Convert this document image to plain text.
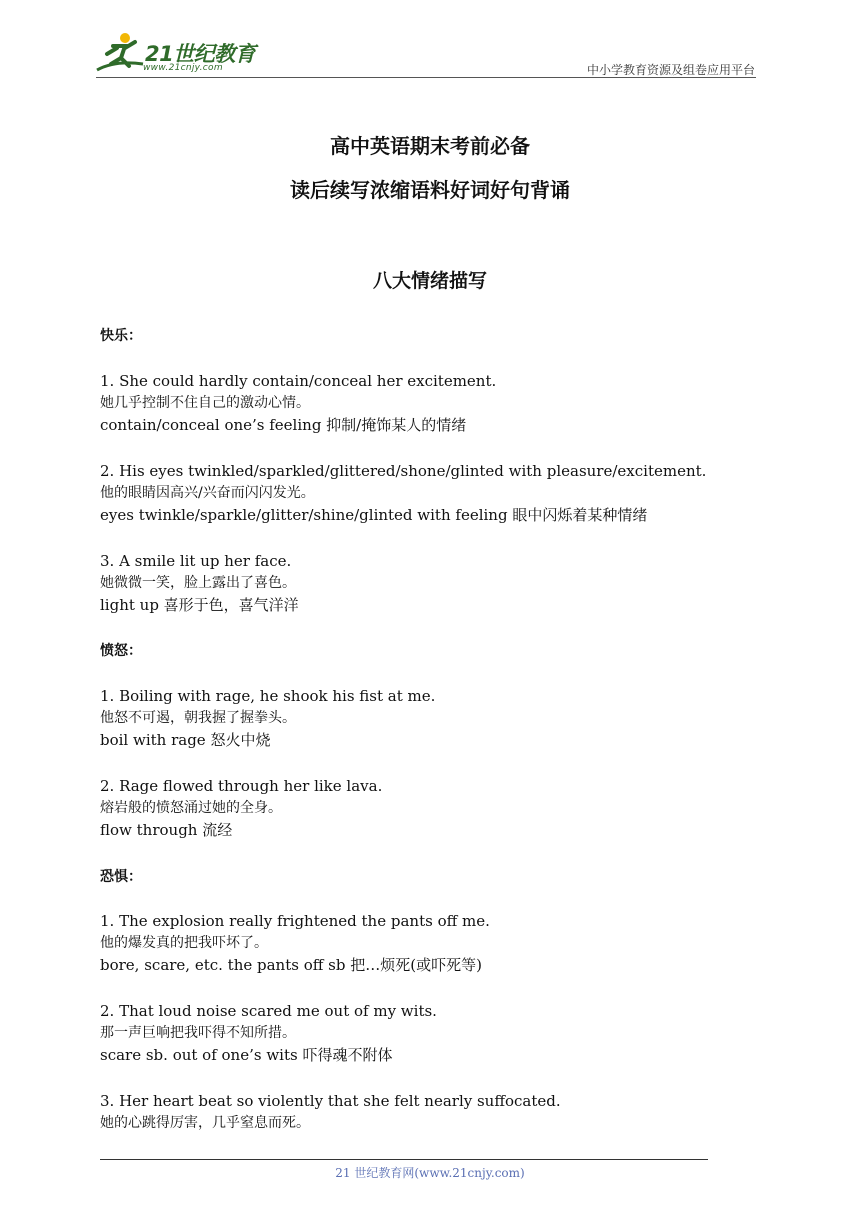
21世纪教育
www.21cnjy.com	中小学教育资源及组卷应用平台
高中英语期末考前必备
读后续写浓缩语料好词好句背诵
八大情绪描写
快乐：
1. She could hardly contain/conceal her excitement.
她几乎控制不住自己的激动心情。
contain/conceal one’s feeling 抑制/掩饰某人的情绪
2. His eyes twinkled/sparkled/glittered/shone/glinted with pleasure/excitement.
他的眼睛因高兴/兴奋而闪闪发光。
eyes twinkle/sparkle/glitter/shine/glinted with feeling 眼中闪烁着某种情绪
3. A smile lit up her face.
她微微一笑，脸上露出了喜色。
light up 喜形于色，喜气洋洋
愤怒：
1. Boiling with rage, he shook his fist at me.
他怒不可遏，朝我握了握拳头。
boil with rage 怒火中烧
2. Rage flowed through her like lava.
熔岩般的愤怒涌过她的全身。
flow through 流经
恐惧：
1. The explosion really frightened the pants off me.
他的爆发真的把我吓坏了。
bore, scare, etc. the pants off sb 把…烦死(或吓死等)
2. That loud noise scared me out of my wits.
那一声巨响把我吓得不知所措。
scare sb. out of one’s wits 吓得魂不附体
3. Her heart beat so violently that she felt nearly suffocated.
她的心跳得厉害，几乎窒息而死。
21 世纪教育网(www.21cnjy.com)
